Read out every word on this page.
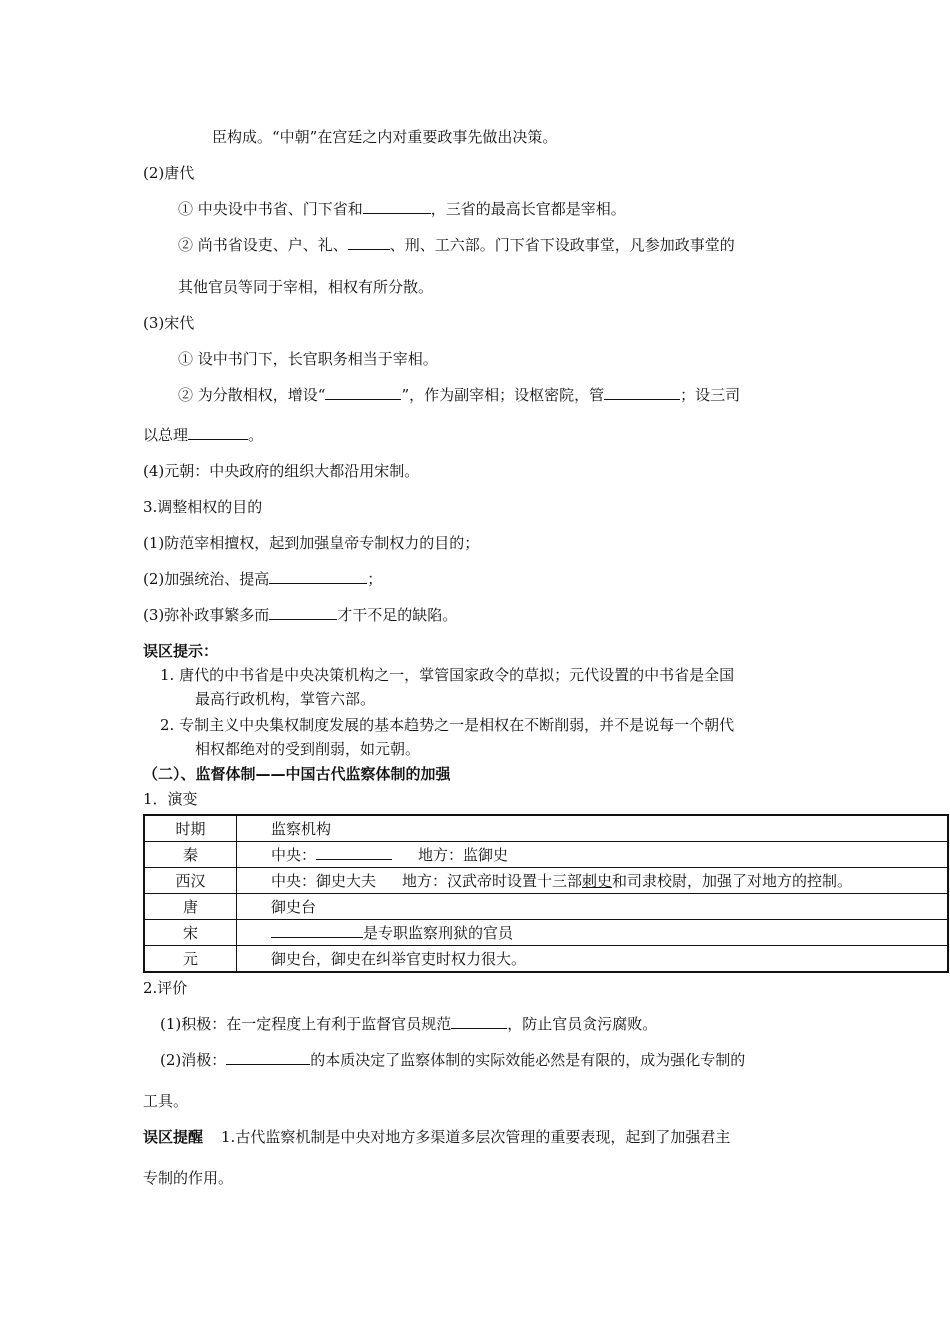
臣构成。“中朝”在宫廷之内对重要政事先做出决策。
(2)唐代
① 中央设中书省、门下省和	，三省的最高长官都是宰相。
② 尚书省设吏、户、礼、	、刑、工六部。门下省下设政事堂，凡参加政事堂的
其他官员等同于宰相，相权有所分散。
(3)宋代
① 设中书门下，长官职务相当于宰相。
② 为分散相权，增设“	”，作为副宰相；设枢密院，管	；设三司
以总理	。
(4)元朝：中央政府的组织大都沿用宋制。
3.调整相权的目的
(1)防范宰相擅权，起到加强皇帝专制权力的目的；
(2)加强统治、提高	；
(3)弥补政事繁多而	才干不足的缺陷。
误区提示：
1. 唐代的中书省是中央决策机构之一，掌管国家政令的草拟；元代设置的中书省是全国
最高行政机构，掌管六部。
2. 专制主义中央集权制度发展的基本趋势之一是相权在不断削弱，并不是说每一个朝代
相权都绝对的受到削弱，如元朝。
（二）、监督体制——中国古代监察体制的加强
1．演变
时期	监察机构
秦	中央： 地方：监御史
西汉	中央：御史大夫 地方：汉武帝时设置十三部刺史和司隶校尉，加强了对地方的控制。
唐	御史台
宋	是专职监察刑狱的官员
元	御史台，御史在纠举官吏时权力很大。
2.评价
(1)积极：在一定程度上有利于监督官员规范	，防止官员贪污腐败。
(2)消极：	的本质决定了监察体制的实际效能必然是有限的，成为强化专制的
工具。
误区提醒 1.古代监察机制是中央对地方多渠道多层次管理的重要表现，起到了加强君主
专制的作用。
